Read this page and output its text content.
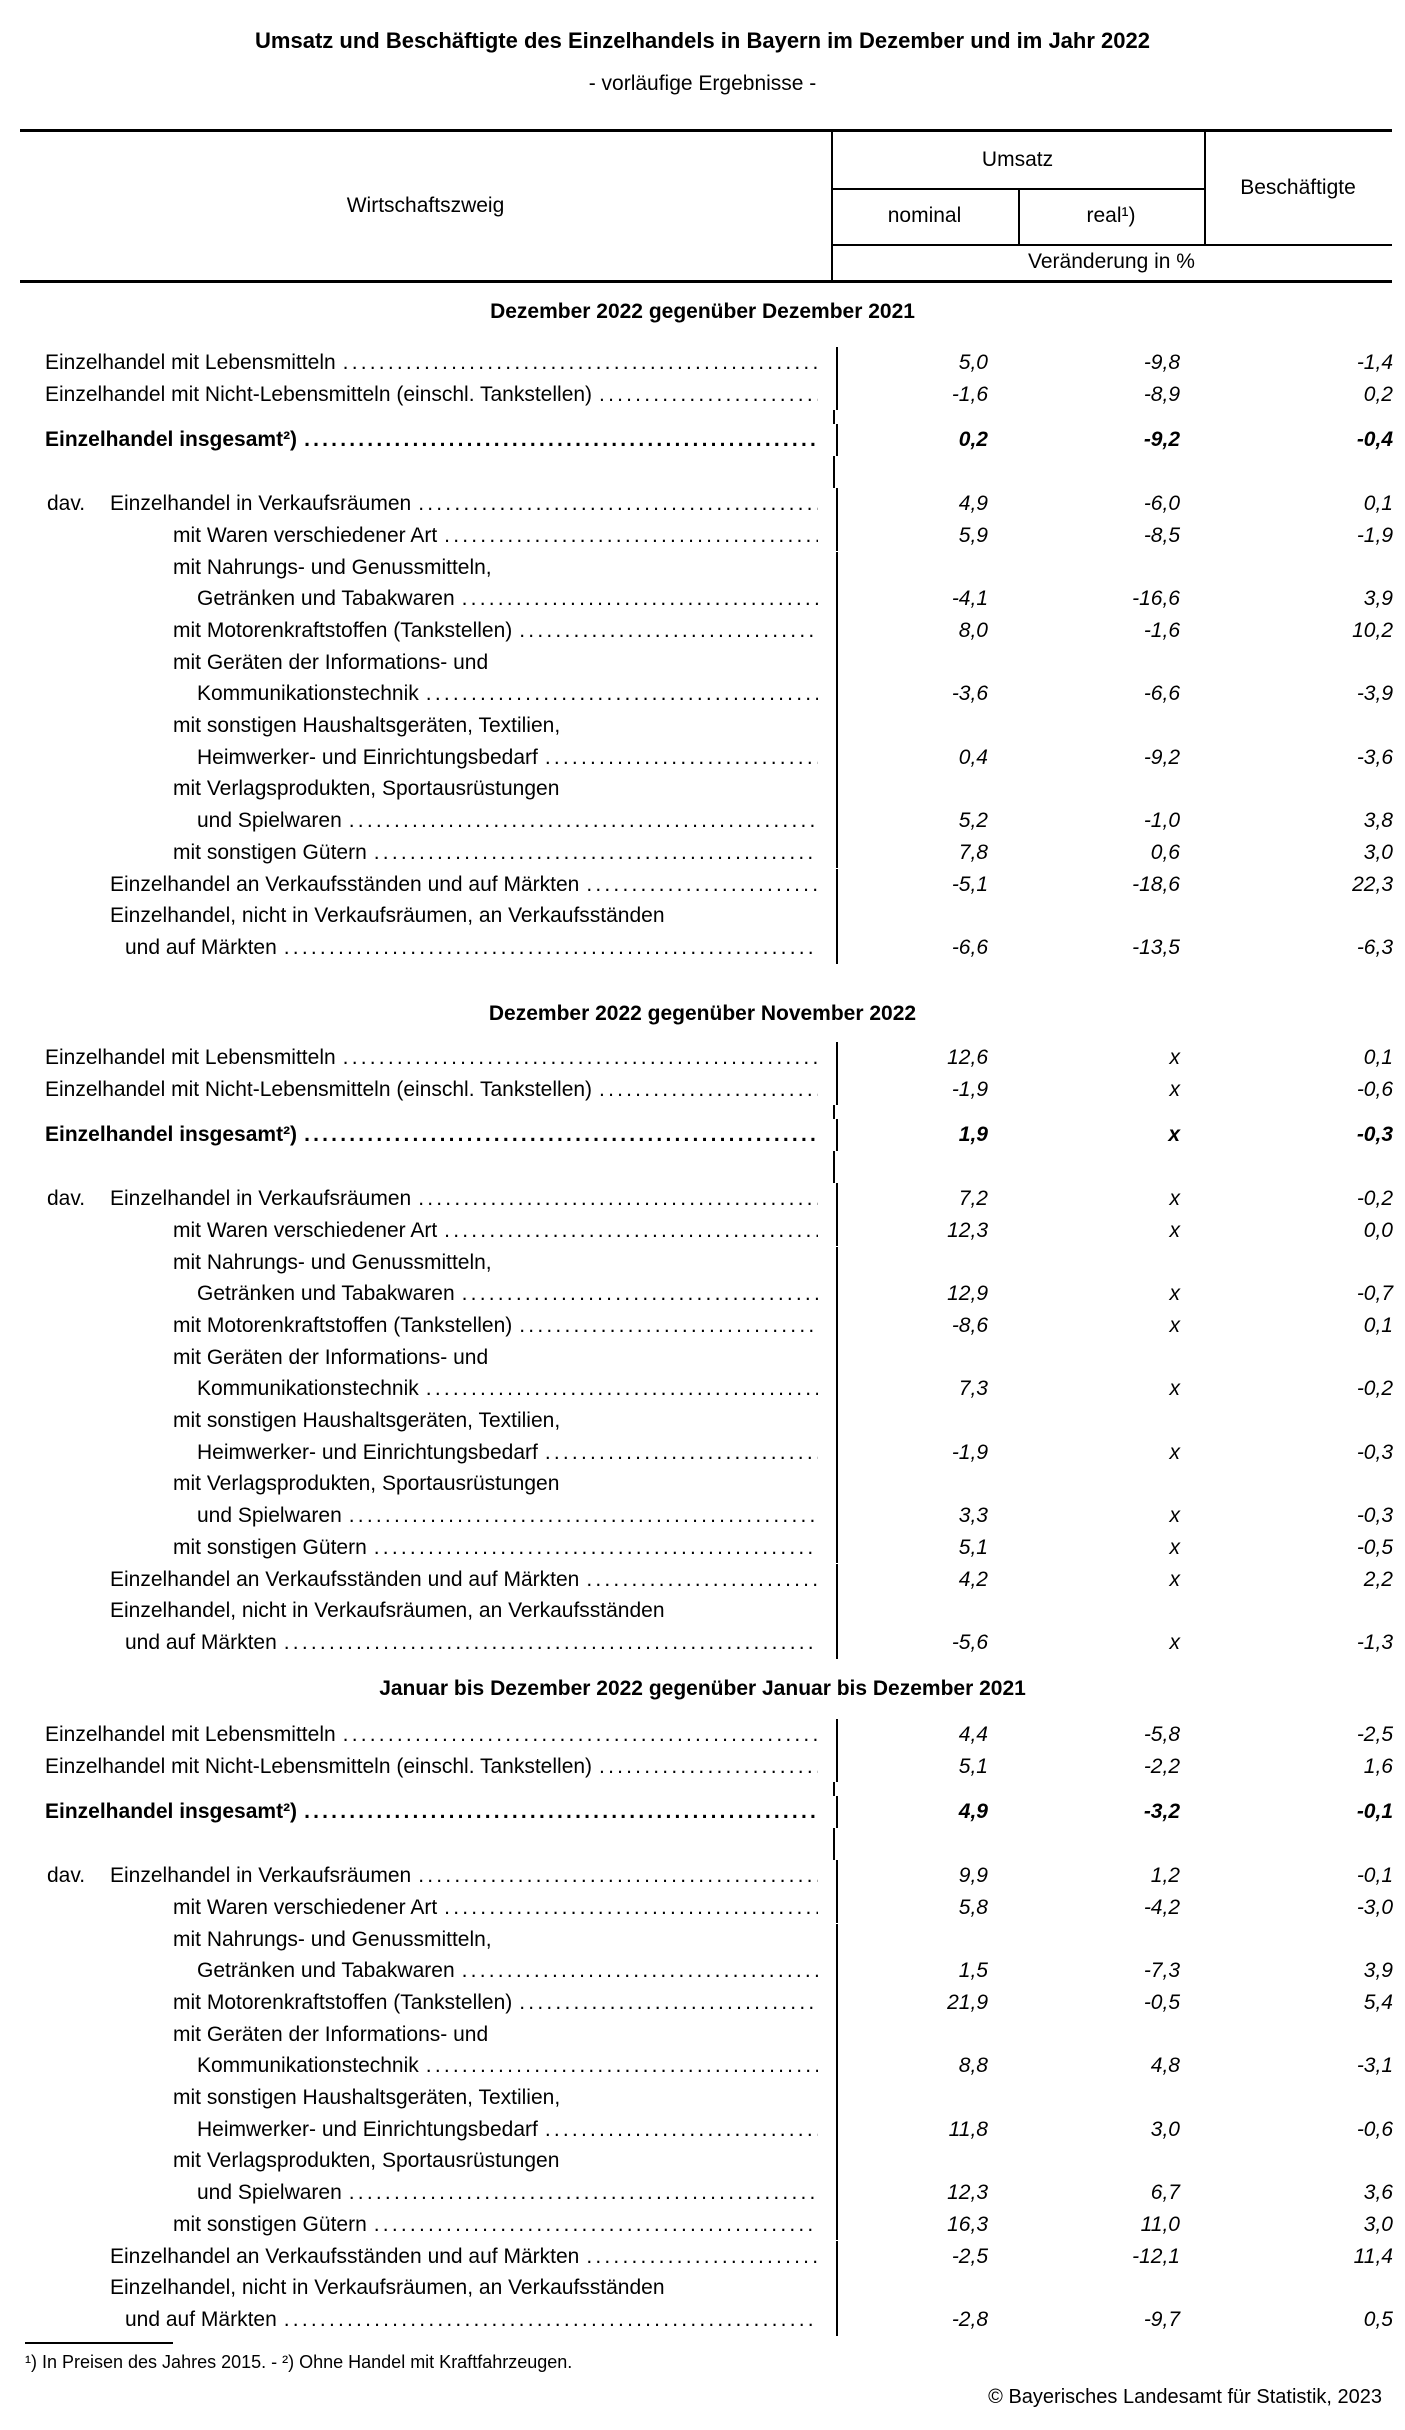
Umsatz und Beschäftigte des Einzelhandels in Bayern im Dezember und im Jahr 2022
- vorläufige Ergebnisse -
Wirtschaftszweig
Umsatz
Beschäftigte
nominal	real¹)
Veränderung in %
Dezember 2022 gegenüber Dezember 2021
Einzelhandel mit Lebensmitteln .....	5,0	-9,8	-1,4
Einzelhandel mit Nicht-Lebensmitteln (einschl. Tankstellen) .....	-1,6	-8,9	0,2
Einzelhandel insgesamt²) .....	0,2	-9,2	-0,4
dav. Einzelhandel in Verkaufsräumen .....	4,9	-6,0	0,1
mit Waren verschiedener Art .....	5,9	-8,5	-1,9
mit Nahrungs- und Genussmitteln,
Getränken und Tabakwaren .....	-4,1	-16,6	3,9
mit Motorenkraftstoffen (Tankstellen) .....	8,0	-1,6	10,2
mit Geräten der Informations- und
Kommunikationstechnik .....	-3,6	-6,6	-3,9
mit sonstigen Haushaltsgeräten, Textilien,
Heimwerker- und Einrichtungsbedarf .....	0,4	-9,2	-3,6
mit Verlagsprodukten, Sportausrüstungen
und Spielwaren .....	5,2	-1,0	3,8
mit sonstigen Gütern .....	7,8	0,6	3,0
Einzelhandel an Verkaufsständen und auf Märkten .....	-5,1	-18,6	22,3
Einzelhandel, nicht in Verkaufsräumen, an Verkaufsständen
und auf Märkten .....	-6,6	-13,5	-6,3
Dezember 2022 gegenüber November 2022
Einzelhandel mit Lebensmitteln .....	12,6	x	0,1
Einzelhandel mit Nicht-Lebensmitteln (einschl. Tankstellen) .....	-1,9	x	-0,6
Einzelhandel insgesamt²) .....	1,9	x	-0,3
dav. Einzelhandel in Verkaufsräumen .....	7,2	x	-0,2
mit Waren verschiedener Art .....	12,3	x	0,0
mit Nahrungs- und Genussmitteln,
Getränken und Tabakwaren .....	12,9	x	-0,7
mit Motorenkraftstoffen (Tankstellen) .....	-8,6	x	0,1
mit Geräten der Informations- und
Kommunikationstechnik .....	7,3	x	-0,2
mit sonstigen Haushaltsgeräten, Textilien,
Heimwerker- und Einrichtungsbedarf .....	-1,9	x	-0,3
mit Verlagsprodukten, Sportausrüstungen
und Spielwaren .....	3,3	x	-0,3
mit sonstigen Gütern .....	5,1	x	-0,5
Einzelhandel an Verkaufsständen und auf Märkten .....	4,2	x	2,2
Einzelhandel, nicht in Verkaufsräumen, an Verkaufsständen
und auf Märkten .....	-5,6	x	-1,3
Januar bis Dezember 2022 gegenüber Januar bis Dezember 2021
Einzelhandel mit Lebensmitteln .....	4,4	-5,8	-2,5
Einzelhandel mit Nicht-Lebensmitteln (einschl. Tankstellen) .....	5,1	-2,2	1,6
Einzelhandel insgesamt²) .....	4,9	-3,2	-0,1
dav. Einzelhandel in Verkaufsräumen .....	9,9	1,2	-0,1
mit Waren verschiedener Art .....	5,8	-4,2	-3,0
mit Nahrungs- und Genussmitteln,
Getränken und Tabakwaren .....	1,5	-7,3	3,9
mit Motorenkraftstoffen (Tankstellen) .....	21,9	-0,5	5,4
mit Geräten der Informations- und
Kommunikationstechnik .....	8,8	4,8	-3,1
mit sonstigen Haushaltsgeräten, Textilien,
Heimwerker- und Einrichtungsbedarf .....	11,8	3,0	-0,6
mit Verlagsprodukten, Sportausrüstungen
und Spielwaren .....	12,3	6,7	3,6
mit sonstigen Gütern .....	16,3	11,0	3,0
Einzelhandel an Verkaufsständen und auf Märkten .....	-2,5	-12,1	11,4
Einzelhandel, nicht in Verkaufsräumen, an Verkaufsständen
und auf Märkten .....	-2,8	-9,7	0,5
¹) In Preisen des Jahres 2015. - ²) Ohne Handel mit Kraftfahrzeugen.
© Bayerisches Landesamt für Statistik, 2023
